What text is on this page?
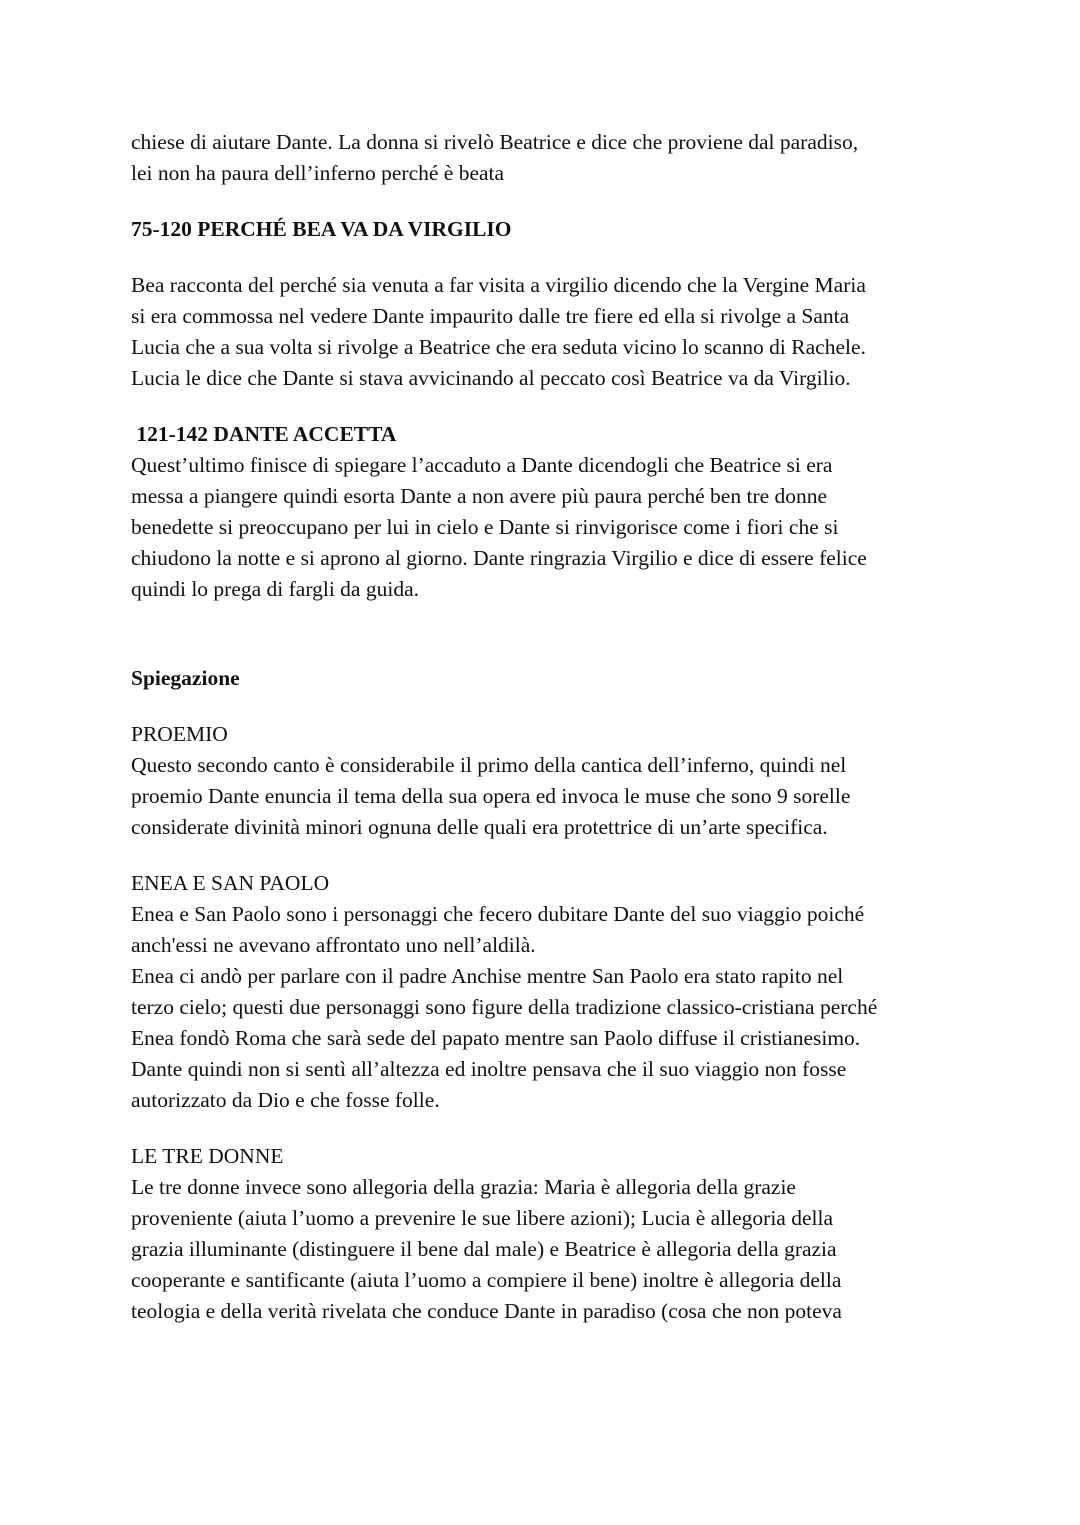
chiese di aiutare Dante. La donna si rivelò Beatrice e dice che proviene dal paradiso,
lei non ha paura dell’inferno perché è beata

75-120 PERCHÉ BEA VA DA VIRGILIO

Bea racconta del perché sia venuta a far visita a virgilio dicendo che la Vergine Maria
si era commossa nel vedere Dante impaurito dalle tre fiere ed ella si rivolge a Santa
Lucia che a sua volta si rivolge a Beatrice che era seduta vicino lo scanno di Rachele.
Lucia le dice che Dante si stava avvicinando al peccato così Beatrice va da Virgilio.

121-142 DANTE ACCETTA

Quest’ultimo finisce di spiegare l’accaduto a Dante dicendogli che Beatrice si era
messa a piangere quindi esorta Dante a non avere più paura perché ben tre donne
benedette si preoccupano per lui in cielo e Dante si rinvigorisce come i fiori che si
chiudono la notte e si aprono al giorno. Dante ringrazia Virgilio e dice di essere felice
quindi lo prega di fargli da guida.

Spiegazione
PROEMIO

Questo secondo canto è considerabile il primo della cantica dell’inferno, quindi nel
proemio Dante enuncia il tema della sua opera ed invoca le muse che sono 9 sorelle
considerate divinità minori ognuna delle quali era protettrice di un’arte specifica.

ENEA E SAN PAOLO

Enea e San Paolo sono i personaggi che fecero dubitare Dante del suo viaggio poiché
anch'essi ne avevano affrontato uno nell’aldilà.
Enea ci andò per parlare con il padre Anchise mentre San Paolo era stato rapito nel
terzo cielo; questi due personaggi sono figure della tradizione classico-cristiana perché
Enea fondò Roma che sarà sede del papato mentre san Paolo diffuse il cristianesimo.
Dante quindi non si sentì all’altezza ed inoltre pensava che il suo viaggio non fosse
autorizzato da Dio e che fosse folle.

LE TRE DONNE

Le tre donne invece sono allegoria della grazia: Maria è allegoria della grazie
proveniente (aiuta l’uomo a prevenire le sue libere azioni); Lucia è allegoria della
grazia illuminante (distinguere il bene dal male) e Beatrice è allegoria della grazia
cooperante e santificante (aiuta l’uomo a compiere il bene) inoltre è allegoria della
teologia e della verità rivelata che conduce Dante in paradiso (cosa che non poteva
